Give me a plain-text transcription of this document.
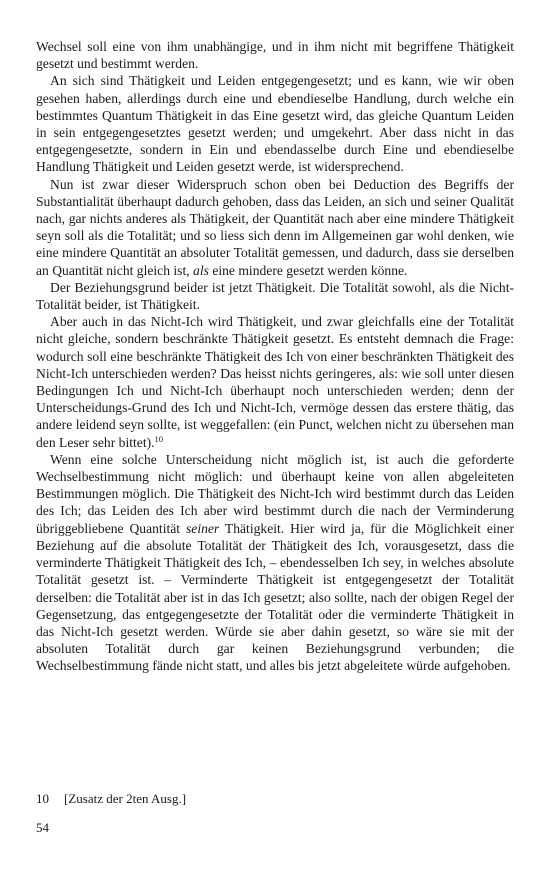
Wechsel soll eine von ihm unabhängige, und in ihm nicht mit begriffene Thätigkeit gesetzt und bestimmt werden.

An sich sind Thätigkeit und Leiden entgegengesetzt; und es kann, wie wir oben gesehen haben, allerdings durch eine und ebendieselbe Handlung, durch welche ein bestimmtes Quantum Thätigkeit in das Eine gesetzt wird, das gleiche Quantum Leiden in sein entgegengesetztes gesetzt werden; und umgekehrt. Aber dass nicht in das entgegengesetzte, sondern in Ein und ebendasselbe durch Eine und ebendieselbe Handlung Thätigkeit und Leiden gesetzt werde, ist widersprechend.

Nun ist zwar dieser Widerspruch schon oben bei Deduction des Begriffs der Substantialität überhaupt dadurch gehoben, dass das Leiden, an sich und seiner Qualität nach, gar nichts anderes als Thätigkeit, der Quantität nach aber eine mindere Thätigkeit seyn soll als die Totalität; und so liess sich denn im Allgemeinen gar wohl denken, wie eine mindere Quantität an absoluter Totalität gemessen, und dadurch, dass sie derselben an Quantität nicht gleich ist, als eine mindere gesetzt werden könne.

Der Beziehungsgrund beider ist jetzt Thätigkeit. Die Totalität sowohl, als die Nicht-Totalität beider, ist Thätigkeit.

Aber auch in das Nicht-Ich wird Thätigkeit, und zwar gleichfalls eine der Totalität nicht gleiche, sondern beschränkte Thätigkeit gesetzt. Es entsteht demnach die Frage: wodurch soll eine beschränkte Thätigkeit des Ich von einer beschränkten Thätigkeit des Nicht-Ich unterschieden werden? Das heisst nichts geringeres, als: wie soll unter diesen Bedingungen Ich und Nicht-Ich überhaupt noch unterschieden werden; denn der Unterscheidungs-Grund des Ich und Nicht-Ich, vermöge dessen das erstere thätig, das andere leidend seyn sollte, ist weggefallen: (ein Punct, welchen nicht zu übersehen man den Leser sehr bittet).$^{10}$

Wenn eine solche Unterscheidung nicht möglich ist, ist auch die geforderte Wechselbestimmung nicht möglich: und überhaupt keine von allen abgeleiteten Bestimmungen möglich. Die Thätigkeit des Nicht-Ich wird bestimmt durch das Leiden des Ich; das Leiden des Ich aber wird bestimmt durch die nach der Verminderung übriggebliebene Quantität seiner Thätigkeit. Hier wird ja, für die Möglichkeit einer Beziehung auf die absolute Totalität der Thätigkeit des Ich, vorausgesetzt, dass die verminderte Thätigkeit Thätigkeit des Ich, – ebendesselben Ich sey, in welches absolute Totalität gesetzt ist. – Verminderte Thätigkeit ist entgegengesetzt der Totalität derselben: die Totalität aber ist in das Ich gesetzt; also sollte, nach der obigen Regel der Gegensetzung, das entgegengesetzte der Totalität oder die verminderte Thätigkeit in das Nicht-Ich gesetzt werden. Würde sie aber dahin gesetzt, so wäre sie mit der absoluten Totalität durch gar keinen Beziehungsgrund verbunden; die Wechselbestimmung fände nicht statt, und alles bis jetzt abgeleitete würde aufgehoben.

10 [Zusatz der 2ten Ausg.]
54
